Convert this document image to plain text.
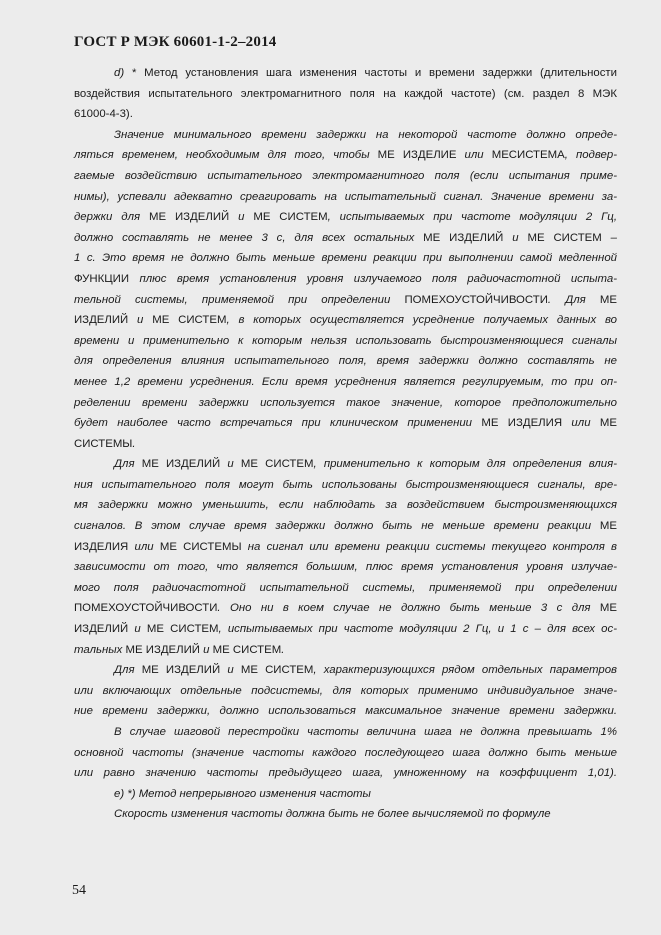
ГОСТ Р МЭК 60601-1-2–2014
d) * Метод установления шага изменения частоты и времени задержки (длительности
воздействия испытательного электромагнитного поля на каждой частоте) (см. раздел 8 МЭК
61000-4-3).
Значение минимального времени задержки на некоторой частоте должно опреде-
ляться временем, необходимым для того, чтобы МЕ ИЗДЕЛИЕ или МЕСИСТЕМА, подвер-
гаемые воздействию испытательного электромагнитного поля (если испытания приме-
нимы), успевали адекватно среагировать на испытательный сигнал. Значение времени за-
держки для МЕ ИЗДЕЛИЙ и МЕ СИСТЕМ, испытываемых при частоте модуляции 2 Гц,
должно составлять не менее 3 с, для всех остальных МЕ ИЗДЕЛИЙ и МЕ СИСТЕМ –
1 с. Это время не должно быть меньше времени реакции при выполнении самой медленной
ФУНКЦИИ плюс время установления уровня излучаемого поля радиочастотной испыта-
тельной системы, применяемой при определении ПОМЕХОУСТОЙЧИВОСТИ. Для МЕ
ИЗДЕЛИЙ и МЕ СИСТЕМ, в которых осуществляется усреднение получаемых данных во
времени и применительно к которым нельзя использовать быстроизменяющиеся сигналы
для определения влияния испытательного поля, время задержки должно составлять не
менее 1,2 времени усреднения. Если время усреднения является регулируемым, то при оп-
ределении времени задержки используется такое значение, которое предположительно
будет наиболее часто встречаться при клиническом применении МЕ ИЗДЕЛИЯ или МЕ
СИСТЕМЫ.
Для МЕ ИЗДЕЛИЙ и МЕ СИСТЕМ, применительно к которым для определения влия-
ния испытательного поля могут быть использованы быстроизменяющиеся сигналы, вре-
мя задержки можно уменьшить, если наблюдать за воздействием быстроизменяющихся
сигналов. В этом случае время задержки должно быть не меньше времени реакции МЕ
ИЗДЕЛИЯ или МЕ СИСТЕМЫ на сигнал или времени реакции системы текущего контроля в
зависимости от того, что является большим, плюс время установления уровня излучае-
мого поля радиочастотной испытательной системы, применяемой при определении
ПОМЕХОУСТОЙЧИВОСТИ. Оно ни в коем случае не должно быть меньше 3 с для МЕ
ИЗДЕЛИЙ и МЕ СИСТЕМ, испытываемых при частоте модуляции 2 Гц, и 1 с – для всех ос-
тальных МЕ ИЗДЕЛИЙ и МЕ СИСТЕМ.
Для МЕ ИЗДЕЛИЙ и МЕ СИСТЕМ, характеризующихся рядом отдельных параметров
или включающих отдельные подсистемы, для которых применимо индивидуальное значе-
ние времени задержки, должно использоваться максимальное значение времени задержки.
В случае шаговой перестройки частоты величина шага не должна превышать 1%
основной частоты (значение частоты каждого последующего шага должно быть меньше
или равно значению частоты предыдущего шага, умноженному на коэффициент 1,01).
е) *) Метод непрерывного изменения частоты
Скорость изменения частоты должна быть не более вычисляемой по формуле
54
